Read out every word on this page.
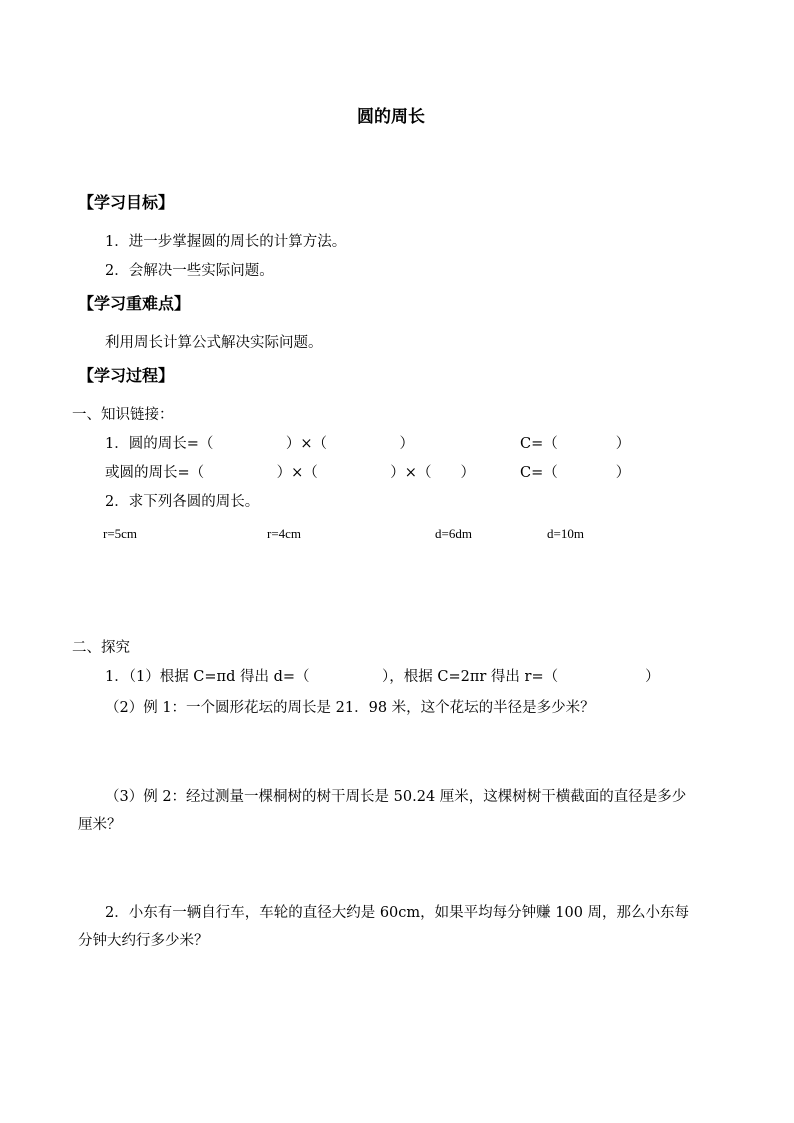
圆的周长
【学习目标】
1．进一步掌握圆的周长的计算方法。
2．会解决一些实际问题。
【学习重难点】
利用周长计算公式解决实际问题。
【学习过程】
一、知识链接：
1．圆的周长=（　　　　　）×（　　　　　）	C=（　　　　）
或圆的周长=（　　　　　）×（　　　　　）×（　　）	C=（　　　　）
2．求下列各圆的周长。
r=5cm	r=4cm	d=6dm	d=10m
二、探究
1．（1）根据 C=πd 得出 d=（　　　　　），根据 C=2πr 得出 r=（　　　　　　）
（2）例 1：一个圆形花坛的周长是 21．98 米，这个花坛的半径是多少米？
（3）例 2：经过测量一棵桐树的树干周长是 50.24 厘米，这棵树树干横截面的直径是多少
厘米？
2．小东有一辆自行车，车轮的直径大约是 60cm，如果平均每分钟赚 100 周，那么小东每
分钟大约行多少米？
